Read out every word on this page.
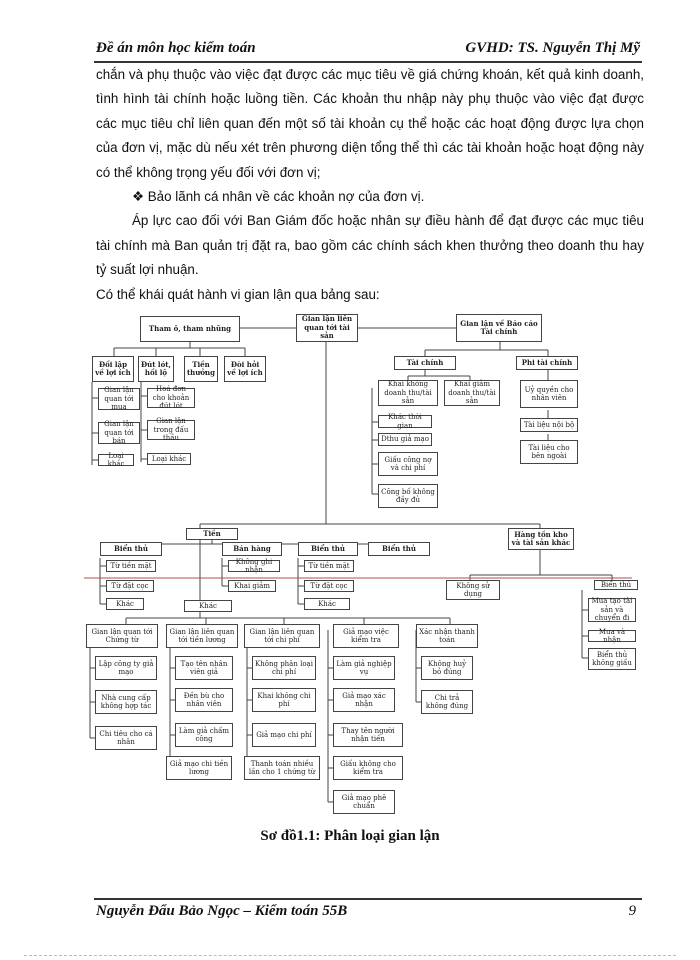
Đề án môn học kiểm toán	GVHD: TS. Nguyễn Thị Mỹ

chắn và phụ thuộc vào việc đạt được các mục tiêu về giá chứng khoán, kết quả kinh doanh, tình hình tài chính hoặc luồng tiền. Các khoản thu nhập này phụ thuộc vào việc đạt được các mục tiêu chỉ liên quan đến một số tài khoản cụ thể hoặc các hoạt động được lựa chọn của đơn vị, mặc dù nếu xét trên phương diện tổng thể thì các tài khoản hoặc hoạt động này có thể không trọng yếu đối với đơn vị;

❖ Bảo lãnh cá nhân về các khoản nợ của đơn vị.

Áp lực cao đối với Ban Giám đốc hoặc nhân sự điều hành để đạt được các mục tiêu tài chính mà Ban quản trị đặt ra, bao gồm các chính sách khen thưởng theo doanh thu hay tỷ suất lợi nhuận.

Có thể khái quát hành vi gian lận qua bảng sau:

Tham ô, tham nhũng
Gian lận liên quan tới tài sản
Gian lận về Báo cáo Tài chính
Đối lập về lợi ích
Đút lót, hối lộ
Tiền thưởng
Đòi hỏi về lợi ích
Gian lận quan tới mua
Gian lận quan tới bán
Loại khác
Hoá đơn cho khoản đút lót
Gian lận trong đấu thầu
Loại khác
Tài chính	Phi tài chính
Khai không doanh thu/tài sản
Khai giảm doanh thu/tài sản
Khác thời gian
Dthu giả mạo
Giấu công nợ và chi phí
Công bố không đầy đủ
Uỷ quyền cho nhân viên
Tài liệu nội bộ
Tài liệu cho bên ngoài
Tiền	Hàng tồn kho và tài sản khác
Biển thủ	Bán hàng	Biển thủ	Biển thủ
Từ tiền mặt
Không ghi nhận
Từ tiền mặt
Từ đặt cọc	Khai giảm	Từ đặt cọc
Khác	Khác	Khác
Không sử dụng
Biển thủ
Mua tạo tài sản và chuyển đi
Mua và nhận
Biển thủ không giấu
Gian lận quan tới Chứng từ
Lập công ty giả mạo
Nhà cung cấp không hợp tác
Chi tiêu cho cá nhân
Gian lận liên quan tới tiền lương
Tạo tên nhân viên giả
Đền bù cho nhân viên
Làm giả chấm công
Giả mạo chi tiền lương
Gian lận liên quan tới chi phí
Không phân loại chi phí
Khai không chi phí
Giả mạo chi phí
Thanh toán nhiều lần cho 1 chứng từ
Giả mạo việc kiểm tra
Làm giả nghiệp vụ
Giả mạo xác nhận
Thay tên người nhận tiền
Giấu không cho kiểm tra
Giả mạo phê chuẩn
Xác nhận thanh toán
Không huỷ bỏ đúng
Chi trả không đúng
Sơ đồ1.1: Phân loại gian lận
Nguyễn Đẩu Bảo Ngọc – Kiểm toán 55B	9
